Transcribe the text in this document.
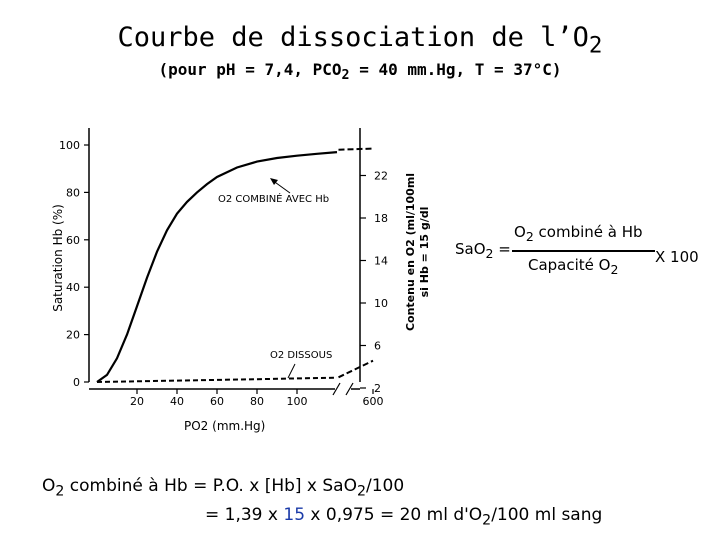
Courbe de dissociation de $l’O_2$
(pour pH = 7,4, $PCO_2 = 40$ mm.Hg, T = 37°C)
0
20
40
60
80
100
2
6
10
14
18
22
20 40 60 80 100	600
O2 COMBINÉ AVEC Hb
O2 DISSOUS
Saturation Hb (%)	Contenu en O2 (ml/100ml si Hb = 15 g/dl
PO2 (mm.Hg)
SaO$_2$ =
$O_2$ combiné à Hb
Capacité $O_2$
X 100
$O_2$ combiné à Hb = P.O. x [Hb] x SaO$_2$/100
= 1,39 x 15 x 0,975 = 20 ml $d'O_2/100$ ml sang
